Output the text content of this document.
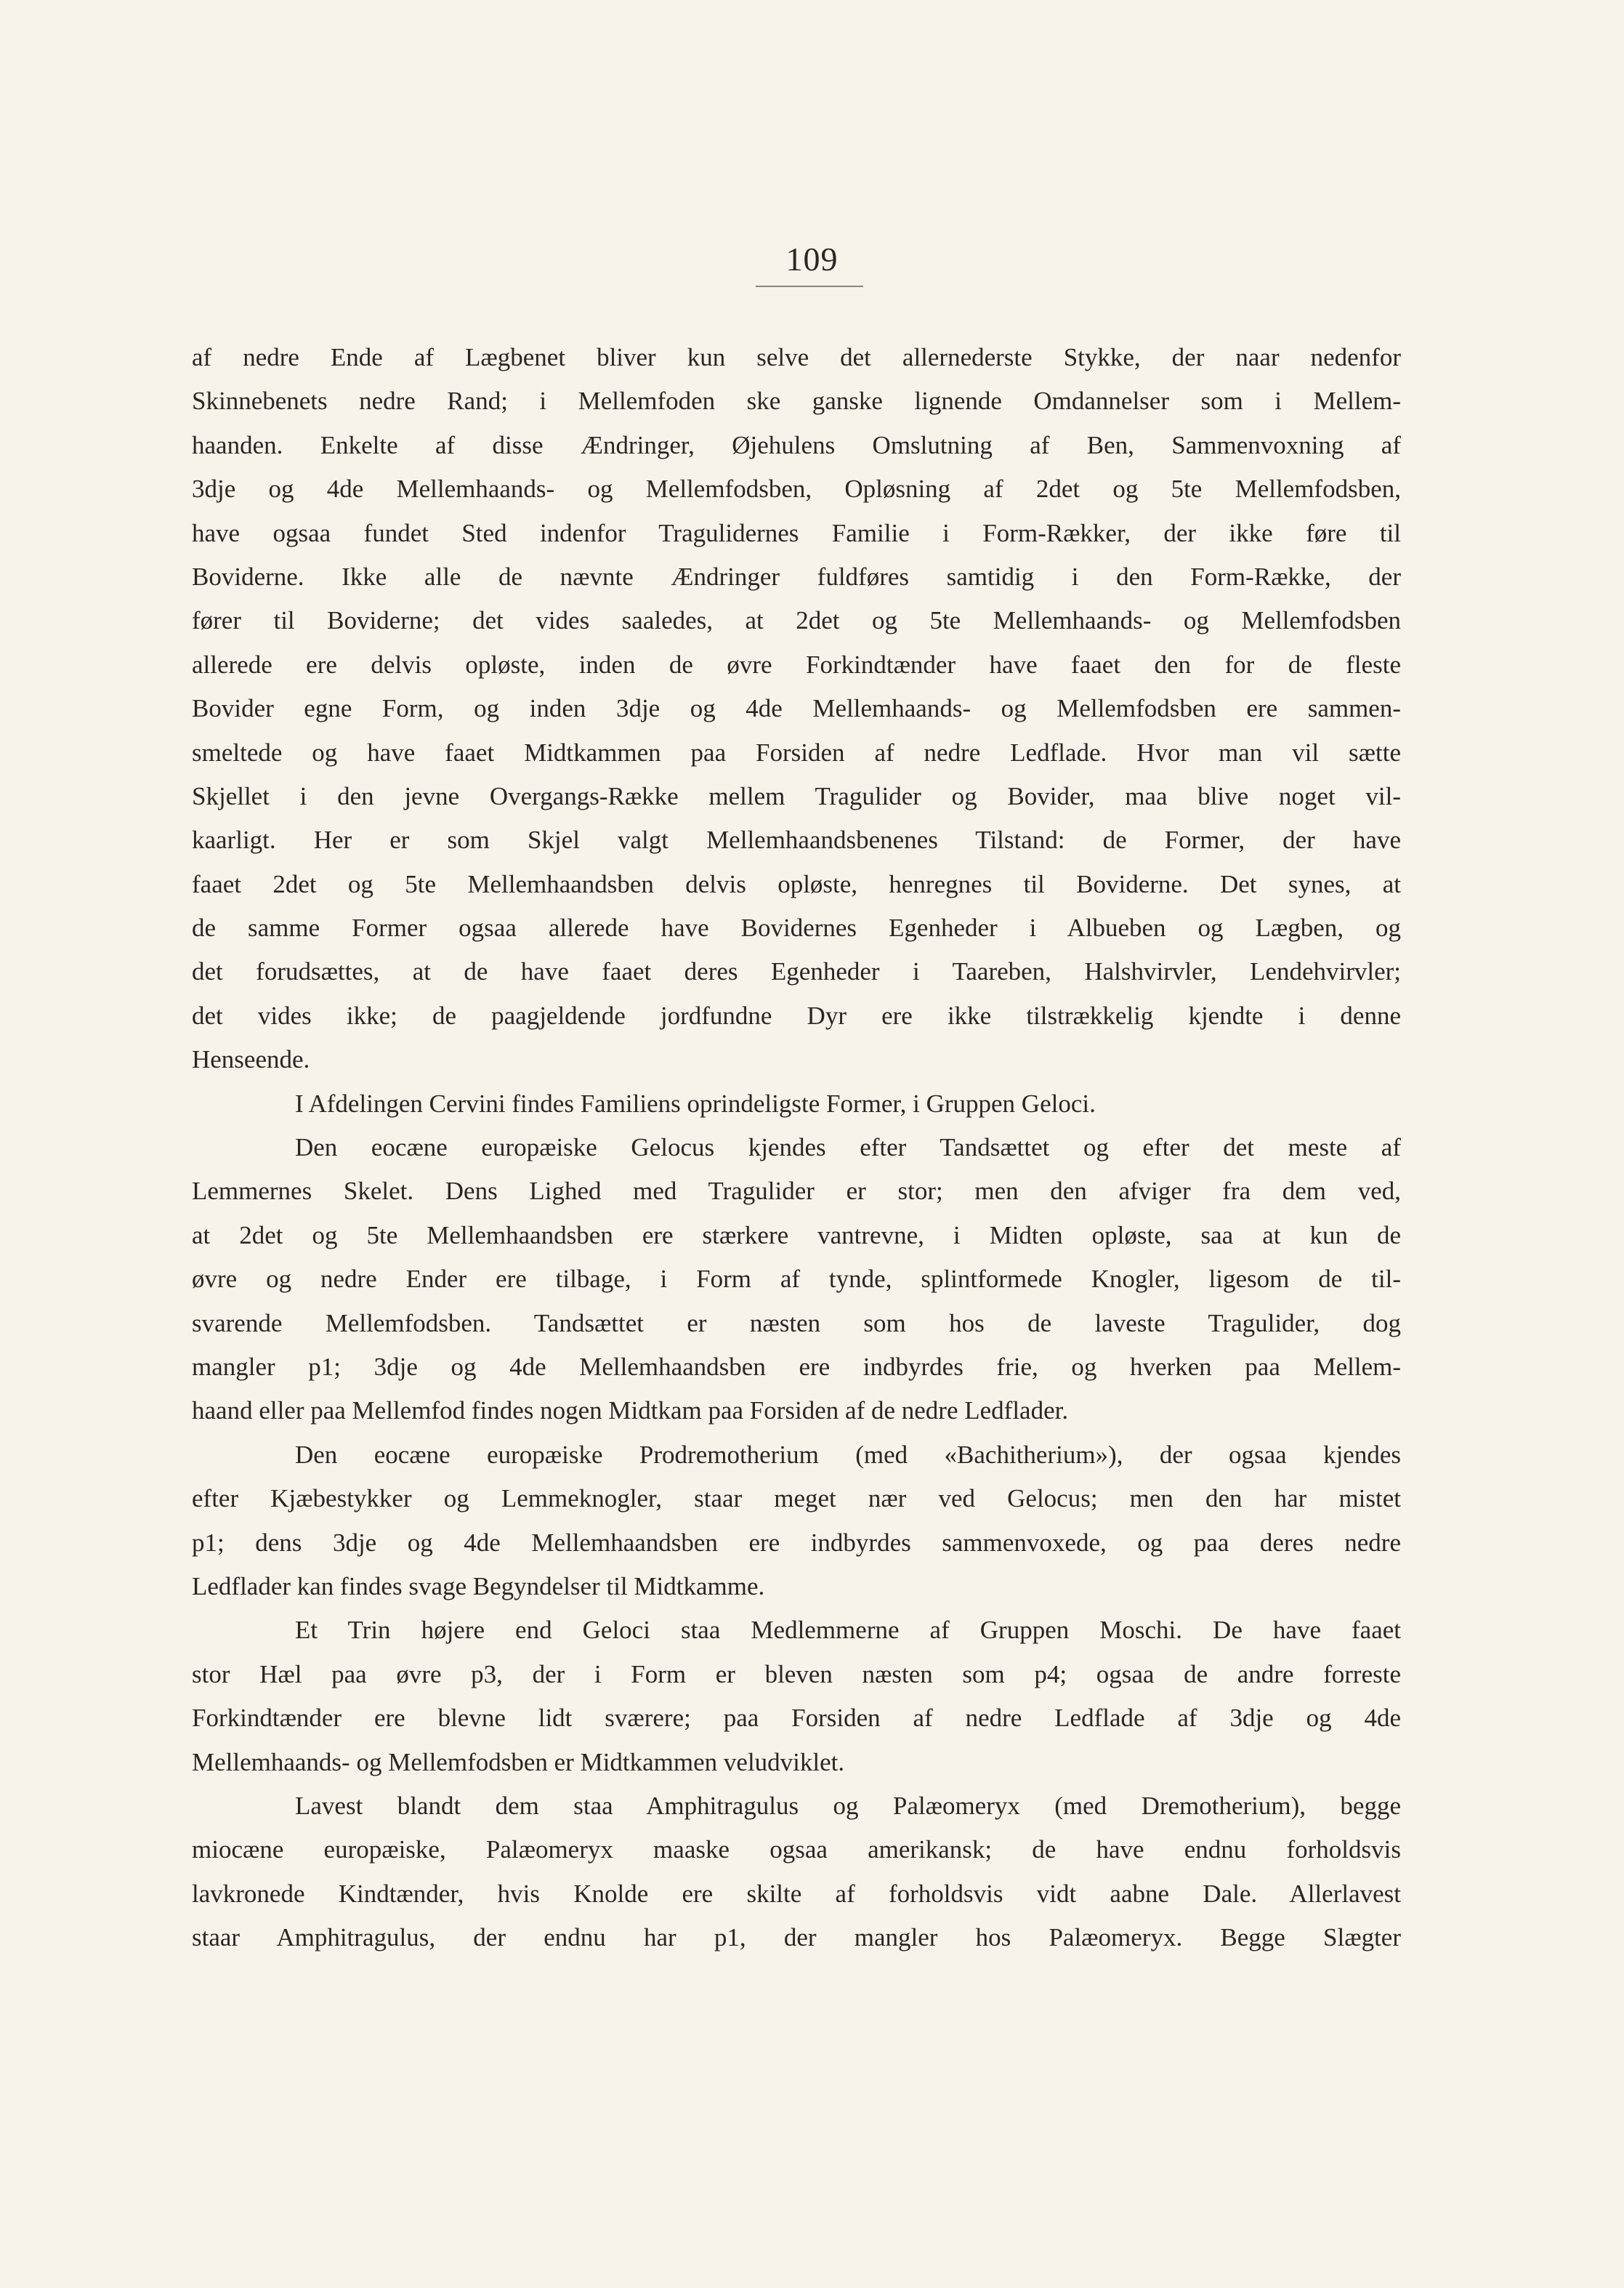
109
af nedre Ende af Lægbenet bliver kun selve det allernederste Stykke, der naar nedenfor
Skinnebenets nedre Rand; i Mellemfoden ske ganske lignende Omdannelser som i Mellem-
haanden. Enkelte af disse Ændringer, Øjehulens Omslutning af Ben, Sammenvoxning af
3dje og 4de Mellemhaands- og Mellemfodsben, Opløsning af 2det og 5te Mellemfodsben,
have ogsaa fundet Sted indenfor Tragulidernes Familie i Form-Rækker, der ikke føre til
Boviderne. Ikke alle de nævnte Ændringer fuldføres samtidig i den Form-Række, der
fører til Boviderne; det vides saaledes, at 2det og 5te Mellemhaands- og Mellemfodsben
allerede ere delvis opløste, inden de øvre Forkindtænder have faaet den for de fleste
Bovider egne Form, og inden 3dje og 4de Mellemhaands- og Mellemfodsben ere sammen-
smeltede og have faaet Midtkammen paa Forsiden af nedre Ledflade. Hvor man vil sætte
Skjellet i den jevne Overgangs-Række mellem Tragulider og Bovider, maa blive noget vil-
kaarligt. Her er som Skjel valgt Mellemhaandsbenenes Tilstand: de Former, der have
faaet 2det og 5te Mellemhaandsben delvis opløste, henregnes til Boviderne. Det synes, at
de samme Former ogsaa allerede have Bovidernes Egenheder i Albueben og Lægben, og
det forudsættes, at de have faaet deres Egenheder i Taareben, Halshvirvler, Lendehvirvler;
det vides ikke; de paagjeldende jordfundne Dyr ere ikke tilstrækkelig kjendte i denne
Henseende.
I Afdelingen Cervini findes Familiens oprindeligste Former, i Gruppen Geloci.
Den eocæne europæiske Gelocus kjendes efter Tandsættet og efter det meste af
Lemmernes Skelet. Dens Lighed med Tragulider er stor; men den afviger fra dem ved,
at 2det og 5te Mellemhaandsben ere stærkere vantrevne, i Midten opløste, saa at kun de
øvre og nedre Ender ere tilbage, i Form af tynde, splintformede Knogler, ligesom de til-
svarende Mellemfodsben. Tandsættet er næsten som hos de laveste Tragulider, dog
mangler p1; 3dje og 4de Mellemhaandsben ere indbyrdes frie, og hverken paa Mellem-
haand eller paa Mellemfod findes nogen Midtkam paa Forsiden af de nedre Ledflader.
Den eocæne europæiske Prodremotherium (med «Bachitherium»), der ogsaa kjendes
efter Kjæbestykker og Lemmeknogler, staar meget nær ved Gelocus; men den har mistet
p1; dens 3dje og 4de Mellemhaandsben ere indbyrdes sammenvoxede, og paa deres nedre
Ledflader kan findes svage Begyndelser til Midtkamme.
Et Trin højere end Geloci staa Medlemmerne af Gruppen Moschi. De have faaet
stor Hæl paa øvre p3, der i Form er bleven næsten som p4; ogsaa de andre forreste
Forkindtænder ere blevne lidt sværere; paa Forsiden af nedre Ledflade af 3dje og 4de
Mellemhaands- og Mellemfodsben er Midtkammen veludviklet.
Lavest blandt dem staa Amphitragulus og Palæomeryx (med Dremotherium), begge
miocæne europæiske, Palæomeryx maaske ogsaa amerikansk; de have endnu forholdsvis
lavkronede Kindtænder, hvis Knolde ere skilte af forholdsvis vidt aabne Dale. Allerlavest
staar Amphitragulus, der endnu har p1, der mangler hos Palæomeryx. Begge Slægter
